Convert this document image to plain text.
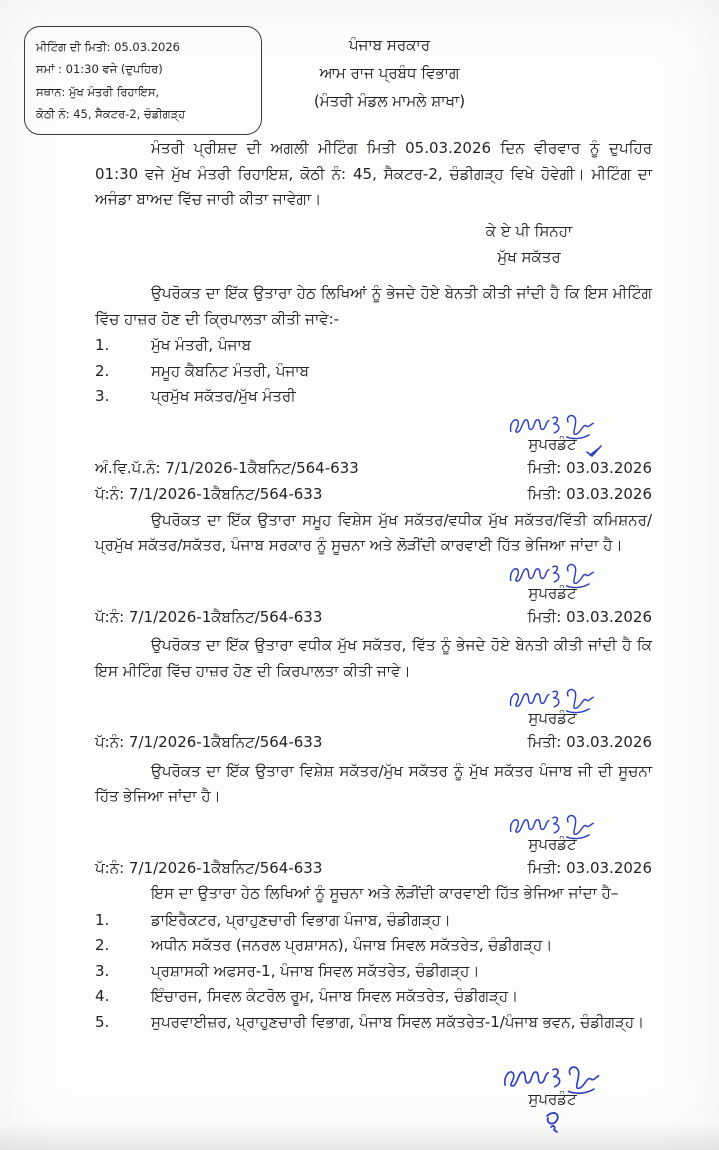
ਮੀਟਿੰਗ ਦੀ ਮਿਤੀ: 05.03.2026
ਸਮਾਂ : 01:30 ਵਜੇ (ਦੁਪਹਿਰ)
ਸਥਾਨ: ਮੁੱਖ ਮੰਤਰੀ ਰਿਹਾਇਸ,
ਕੋਠੀ ਨੰ: 45, ਸੈਕਟਰ-2, ਚੰਡੀਗੜ੍ਹ
ਪੰਜਾਬ ਸਰਕਾਰ
ਆਮ ਰਾਜ ਪ੍ਰਬੰਧ ਵਿਭਾਗ
(ਮੰਤਰੀ ਮੰਡਲ ਮਾਮਲੇ ਸ਼ਾਖਾ)

ਮੰਤਰੀ ਪ੍ਰੀਸ਼ਦ ਦੀ ਅਗਲੀ ਮੀਟਿੰਗ ਮਿਤੀ 05.03.2026 ਦਿਨ ਵੀਰਵਾਰ ਨੂੰ ਦੁਪਹਿਰ 01:30 ਵਜੇ ਮੁੱਖ ਮੰਤਰੀ ਰਿਹਾਇਸ਼, ਕੋਠੀ ਨੰ: 45, ਸੈਕਟਰ-2, ਚੰਡੀਗੜ੍ਹ ਵਿਖੇ ਹੋਵੇਗੀ। ਮੀਟਿੰਗ ਦਾ ਅਜੰਡਾ ਬਾਅਦ ਵਿੱਚ ਜਾਰੀ ਕੀਤਾ ਜਾਵੇਗਾ।

ਕੇ ਏ ਪੀ ਸਿਨਹਾ
ਮੁੱਖ ਸਕੱਤਰ

ਉਪਰੋਕਤ ਦਾ ਇੱਕ ਉਤਾਰਾ ਹੇਠ ਲਿਖਿਆਂ ਨੂੰ ਭੇਜਦੇ ਹੋਏ ਬੇਨਤੀ ਕੀਤੀ ਜਾਂਦੀ ਹੈ ਕਿ ਇਸ ਮੀਟਿੰਗ ਵਿੱਚ ਹਾਜ਼ਰ ਹੋਣ ਦੀ ਕ੍ਰਿਪਾਲਤਾ ਕੀਤੀ ਜਾਵੇ:-

1.	ਮੁੱਖ ਮੰਤਰੀ, ਪੰਜਾਬ
2.	ਸਮੂਹ ਕੈਬਨਿਟ ਮੰਤਰੀ, ਪੰਜਾਬ
3.	ਪ੍ਰਮੁੱਖ ਸਕੱਤਰ/ਮੁੱਖ ਮੰਤਰੀ
ਸੁਪਰਡੰਟ
ਅੰ.ਵਿ.ਪੱ.ਨੰ: 7/1/2026-1ਕੈਬਨਿਟ/564-633	ਮਿਤੀ: 03.03.2026
ਪੱ:ਨੰ: 7/1/2026-1ਕੈਬਨਿਟ/564-633	ਮਿਤੀ: 03.03.2026

ਉਪਰੋਕਤ ਦਾ ਇੱਕ ਉਤਾਰਾ ਸਮੂਹ ਵਿਸ਼ੇਸ ਮੁੱਖ ਸਕੱਤਰ/ਵਧੀਕ ਮੁੱਖ ਸਕੱਤਰ/ਵਿੱਤੀ ਕਮਿਸ਼ਨਰ/ਪ੍ਰਮੁੱਖ ਸਕੱਤਰ/ਸਕੱਤਰ, ਪੰਜਾਬ ਸਰਕਾਰ ਨੂੰ ਸੂਚਨਾ ਅਤੇ ਲੋੜੀਂਦੀ ਕਾਰਵਾਈ ਹਿੱਤ ਭੇਜਿਆ ਜਾਂਦਾ ਹੈ।

ਸੁਪਰਡੰਟ
ਪੱ:ਨੰ: 7/1/2026-1ਕੈਬਨਿਟ/564-633	ਮਿਤੀ: 03.03.2026

ਉਪਰੋਕਤ ਦਾ ਇੱਕ ਉਤਾਰਾ ਵਧੀਕ ਮੁੱਖ ਸਕੱਤਰ, ਵਿੱਤ ਨੂੰ ਭੇਜਦੇ ਹੋਏ ਬੇਨਤੀ ਕੀਤੀ ਜਾਂਦੀ ਹੈ ਕਿ ਇਸ ਮੀਟਿੰਗ ਵਿੱਚ ਹਾਜ਼ਰ ਹੋਣ ਦੀ ਕਿਰਪਾਲਤਾ ਕੀਤੀ ਜਾਵੇ।

ਸੁਪਰਡੰਟ
ਪੱ:ਨੰ: 7/1/2026-1ਕੈਬਨਿਟ/564-633	ਮਿਤੀ: 03.03.2026

ਉਪਰੋਕਤ ਦਾ ਇੱਕ ਉਤਾਰਾ ਵਿਸ਼ੇਸ਼ ਸਕੱਤਰ/ਮੁੱਖ ਸਕੱਤਰ ਨੂੰ ਮੁੱਖ ਸਕੱਤਰ ਪੰਜਾਬ ਜੀ ਦੀ ਸੂਚਨਾ ਹਿੱਤ ਭੇਜਿਆ ਜਾਂਦਾ ਹੈ।

ਸੁਪਰਡੰਟ
ਪੱ:ਨੰ: 7/1/2026-1ਕੈਬਨਿਟ/564-633	ਮਿਤੀ: 03.03.2026

ਇਸ ਦਾ ਉਤਾਰਾ ਹੇਠ ਲਿਖਿਆਂ ਨੂੰ ਸੂਚਨਾ ਅਤੇ ਲੋੜੀਂਦੀ ਕਾਰਵਾਈ ਹਿੱਤ ਭੇਜਿਆ ਜਾਂਦਾ ਹੈ–

1.	ਡਾਇਰੈਕਟਰ, ਪ੍ਰਾਹੁਣਚਾਰੀ ਵਿਭਾਗ ਪੰਜਾਬ, ਚੰਡੀਗੜ੍ਹ।
2.	ਅਧੀਨ ਸਕੱਤਰ (ਜਨਰਲ ਪ੍ਰਸ਼ਾਸਨ), ਪੰਜਾਬ ਸਿਵਲ ਸਕੱਤਰੇਤ, ਚੰਡੀਗੜ੍ਹ।
3.	ਪ੍ਰਸ਼ਾਸਕੀ ਅਫਸਰ-1, ਪੰਜਾਬ ਸਿਵਲ ਸਕੱਤਰੇਤ, ਚੰਡੀਗੜ੍ਹ।
4.	ਇੰਚਾਰਜ, ਸਿਵਲ ਕੰਟਰੋਲ ਰੂਮ, ਪੰਜਾਬ ਸਿਵਲ ਸਕੱਤਰੇਤ, ਚੰਡੀਗੜ੍ਹ।
5.	ਸੁਪਰਵਾਈਜ਼ਰ, ਪ੍ਰਾਹੁਣਚਾਰੀ ਵਿਭਾਗ, ਪੰਜਾਬ ਸਿਵਲ ਸਕੱਤਰੇਤ-1/ਪੰਜਾਬ ਭਵਨ, ਚੰਡੀਗੜ੍ਹ।
ਸੁਪਰਡੰਟ
